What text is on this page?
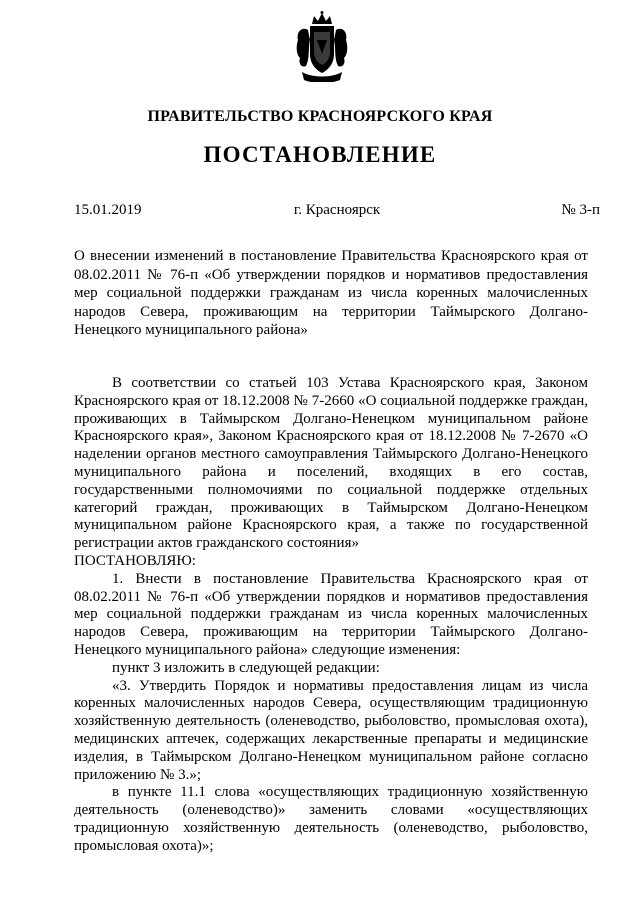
ПРАВИТЕЛЬСТВО КРАСНОЯРСКОГО КРАЯ
ПОСТАНОВЛЕНИЕ
15.01.2019	г. Красноярск	№ 3-п
О внесении изменений в постановление Правительства Красноярского края от 08.02.2011 № 76-п «Об утверждении порядков и нормативов предоставления мер социальной поддержки гражданам из числа коренных малочисленных народов Севера, проживающим на территории Таймырского Долгано-Ненецкого муниципального района»

В соответствии со статьей 103 Устава Красноярского края, Законом Красноярского края от 18.12.2008 № 7-2660 «О социальной поддержке граждан, проживающих в Таймырском Долгано-Ненецком муниципальном районе Красноярского края», Законом Красноярского края от 18.12.2008 № 7-2670 «О наделении органов местного самоуправления Таймырского Долгано-Ненецкого муниципального района и поселений, входящих в его состав, государственными полномочиями по социальной поддержке отдельных категорий граждан, проживающих в Таймырском Долгано-Ненецком муниципальном районе Красноярского края, а также по государственной регистрации актов гражданского состояния»

ПОСТАНОВЛЯЮ:

1. Внести в постановление Правительства Красноярского края от 08.02.2011 № 76-п «Об утверждении порядков и нормативов предоставления мер социальной поддержки гражданам из числа коренных малочисленных народов Севера, проживающим на территории Таймырского Долгано-Ненецкого муниципального района» следующие изменения:

пункт 3 изложить в следующей редакции:

«3. Утвердить Порядок и нормативы предоставления лицам из числа коренных малочисленных народов Севера, осуществляющим традиционную хозяйственную деятельность (оленеводство, рыболовство, промысловая охота), медицинских аптечек, содержащих лекарственные препараты и медицинские изделия, в Таймырском Долгано-Ненецком муниципальном районе согласно приложению № 3.»;

в пункте 11.1 слова «осуществляющих традиционную хозяйственную деятельность (оленеводство)» заменить словами «осуществляющих традиционную хозяйственную деятельность (оленеводство, рыболовство, промысловая охота)»;
